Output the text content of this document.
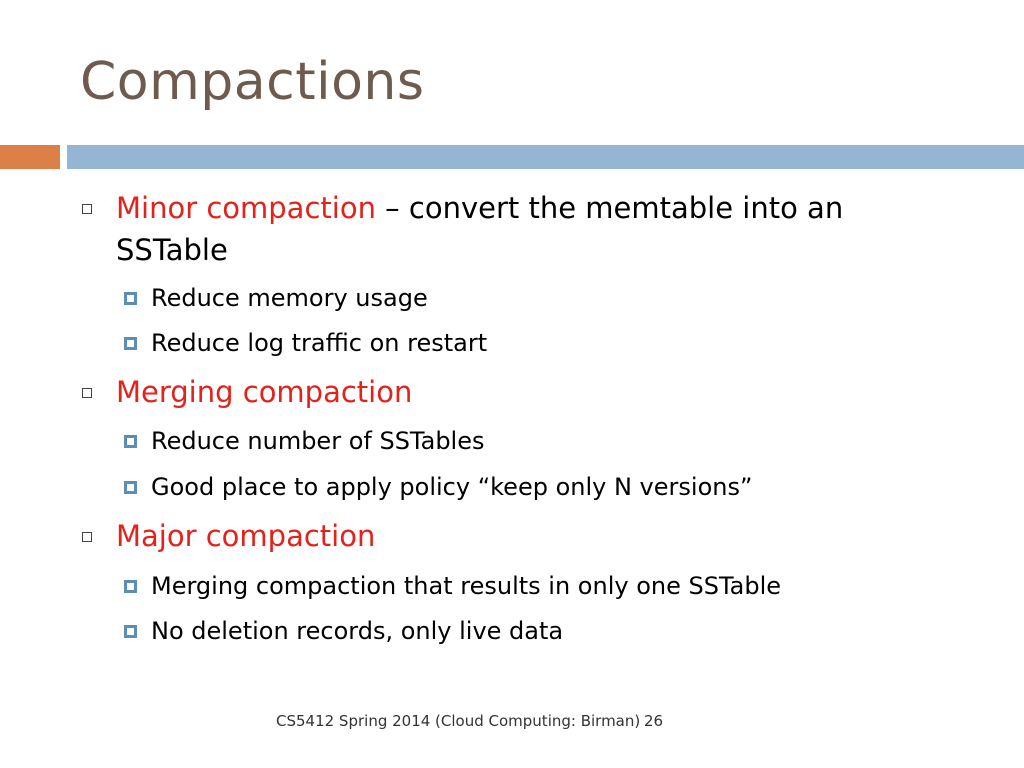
Compactions
Minor compaction – convert the memtable into an SSTable
Reduce memory usage
Reduce log traffic on restart
Merging compaction
Reduce number of SSTables
Good place to apply policy “keep only N versions”
Major compaction
Merging compaction that results in only one SSTable
No deletion records, only live data
CS5412 Spring 2014 (Cloud Computing: Birman) 26
